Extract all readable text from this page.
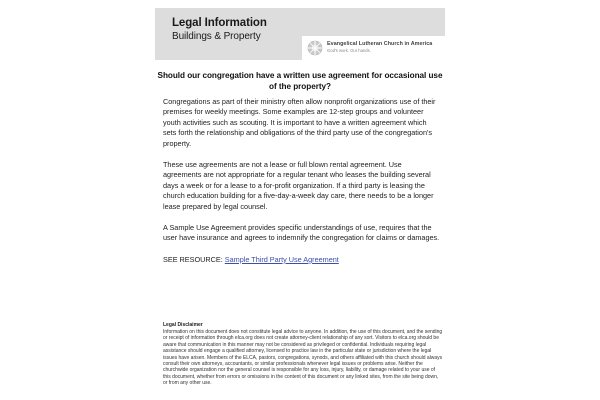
Legal Information
Buildings & Property
Evangelical Lutheran Church in America
God's work. Our hands.
Should our congregation have a written use agreement for occasional use of the property?

Congregations as part of their ministry often allow nonprofit organizations use of their premises for weekly meetings. Some examples are 12-step groups and volunteer youth activities such as scouting. It is important to have a written agreement which sets forth the relationship and obligations of the third party use of the congregation's property.

These use agreements are not a lease or full blown rental agreement. Use agreements are not appropriate for a regular tenant who leases the building several days a week or for a lease to a for-profit organization. If a third party is leasing the church education building for a five-day-a-week day care, there needs to be a longer lease prepared by legal counsel.

A Sample Use Agreement provides specific understandings of use, requires that the user have insurance and agrees to indemnify the congregation for claims or damages.

SEE RESOURCE: Sample Third Party Use Agreement

Legal Disclaimer
Information on this document does not constitute legal advice to anyone. In addition, the use of this document, and the sending or receipt of information through elca.org does not create attorney-client relationship of any sort. Visitors to elca.org should be aware that communication in this manner may not be considered as privileged or confidential. Individuals requiring legal assistance should engage a qualified attorney, licensed to practice law in the particular state or jurisdiction where the legal issues have arisen. Members of the ELCA, pastors, congregations, synods, and others affiliated with this church should always consult their own attorneys, accountants, or similar professionals whenever legal issues or problems arise. Neither the churchwide organization nor the general counsel is responsible for any loss, injury, liability, or damage related to your use of this document, whether from errors or omissions in the content of this document or any linked sites, from the site being down, or from any other use.
